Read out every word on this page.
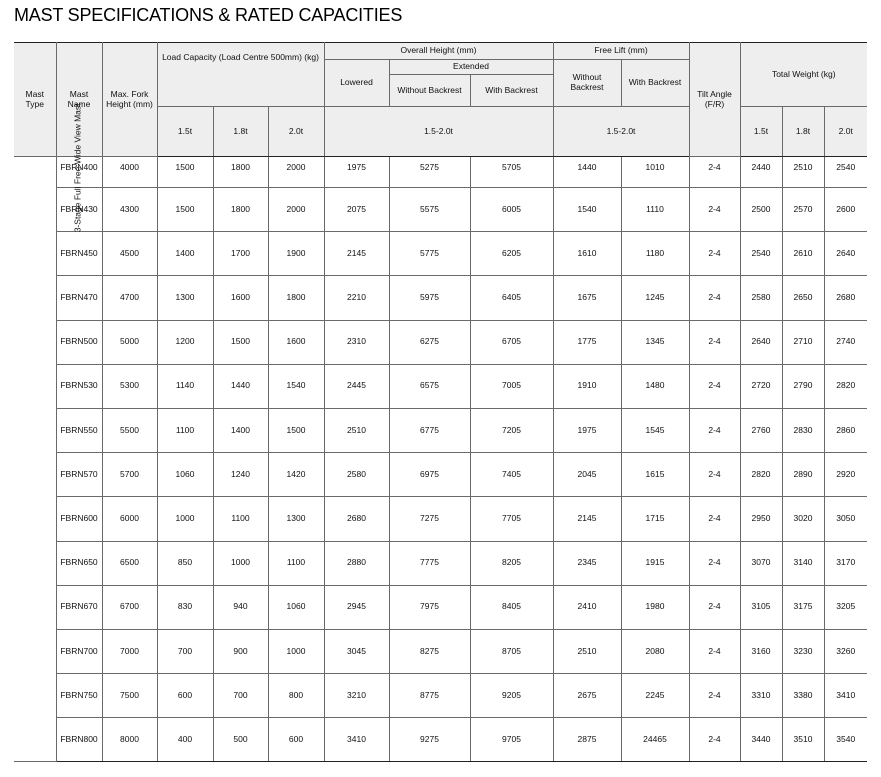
MAST SPECIFICATIONS & RATED CAPACITIES
Mast Type	Mast Name	Max. Fork Height (mm)	Load Capacity (Load Centre 500mm) (kg)			Overall Height (mm)			Free Lift (mm)		Tilt Angle (F/R)	Total Weight (kg)		
						Lowered	Extended		Without Backrest	With Backrest				
							Without Backrest	With Backrest						
			1.5t	1.8t	2.0t	1.5-2.0t			1.5-2.0t			1.5t	1.8t	2.0t
3-Stage Full Free Wide View Mast	FBRN400	4000	1500	1800	2000	1975	5275	5705	1440	1010	2-4	2440	2510	2540
	FBRN430	4300	1500	1800	2000	2075	5575	6005	1540	1110	2-4	2500	2570	2600
	FBRN450	4500	1400	1700	1900	2145	5775	6205	1610	1180	2-4	2540	2610	2640
	FBRN470	4700	1300	1600	1800	2210	5975	6405	1675	1245	2-4	2580	2650	2680
	FBRN500	5000	1200	1500	1600	2310	6275	6705	1775	1345	2-4	2640	2710	2740
	FBRN530	5300	1140	1440	1540	2445	6575	7005	1910	1480	2-4	2720	2790	2820
	FBRN550	5500	1100	1400	1500	2510	6775	7205	1975	1545	2-4	2760	2830	2860
	FBRN570	5700	1060	1240	1420	2580	6975	7405	2045	1615	2-4	2820	2890	2920
	FBRN600	6000	1000	1100	1300	2680	7275	7705	2145	1715	2-4	2950	3020	3050
	FBRN650	6500	850	1000	1100	2880	7775	8205	2345	1915	2-4	3070	3140	3170
	FBRN670	6700	830	940	1060	2945	7975	8405	2410	1980	2-4	3105	3175	3205
	FBRN700	7000	700	900	1000	3045	8275	8705	2510	2080	2-4	3160	3230	3260
	FBRN750	7500	600	700	800	3210	8775	9205	2675	2245	2-4	3310	3380	3410
	FBRN800	8000	400	500	600	3410	9275	9705	2875	24465	2-4	3440	3510	3540
